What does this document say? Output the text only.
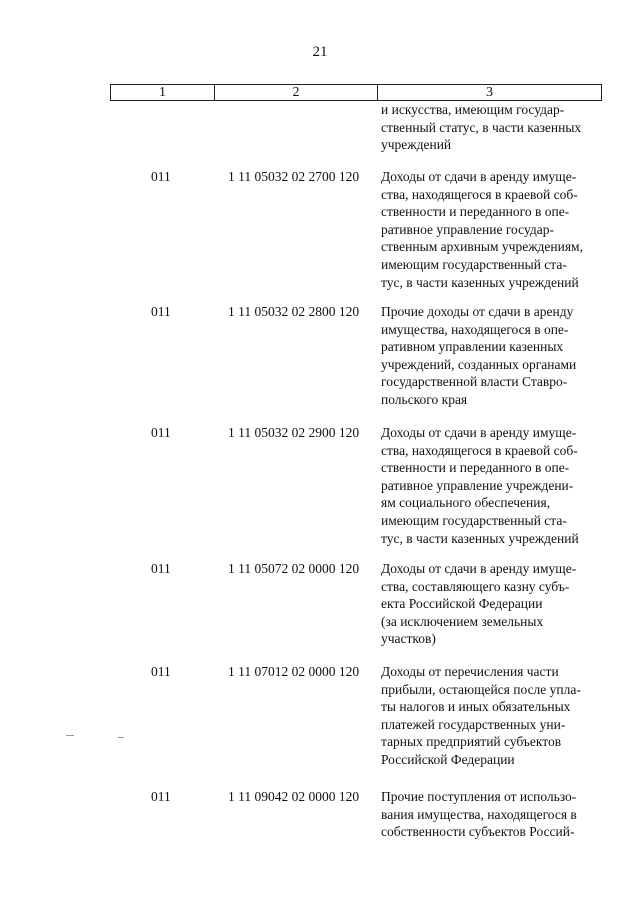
21
1	2	3
и искусства, имеющим государ-
ственный статус, в части казенных
учреждений
011	1 11 05032 02 2700 120 Доходы от сдачи в аренду имуще-
ства, находящегося в краевой соб-
ственности и переданного в опе-
ративное управление государ-
ственным архивным учреждениям,
имеющим государственный ста-
тус, в части казенных учреждений
011	1 11 05032 02 2800 120 Прочие доходы от сдачи в аренду
имущества, находящегося в опе-
ративном управлении казенных
учреждений, созданных органами
государственной власти Ставро-
польского края
011	1 11 05032 02 2900 120 Доходы от сдачи в аренду имуще-
ства, находящегося в краевой соб-
ственности и переданного в опе-
ративное управление учреждени-
ям социального обеспечения,
имеющим государственный ста-
тус, в части казенных учреждений
011	1 11 05072 02 0000 120 Доходы от сдачи в аренду имуще-
ства, составляющего казну субъ-
екта Российской Федерации
(за исключением земельных
участков)
011	1 11 07012 02 0000 120 Доходы от перечисления части
прибыли, остающейся после упла-
ты налогов и иных обязательных
платежей государственных уни-
тарных предприятий субъектов
Российской Федерации
011	1 11 09042 02 0000 120 Прочие поступления от использо-
вания имущества, находящегося в
собственности субъектов Россий-
